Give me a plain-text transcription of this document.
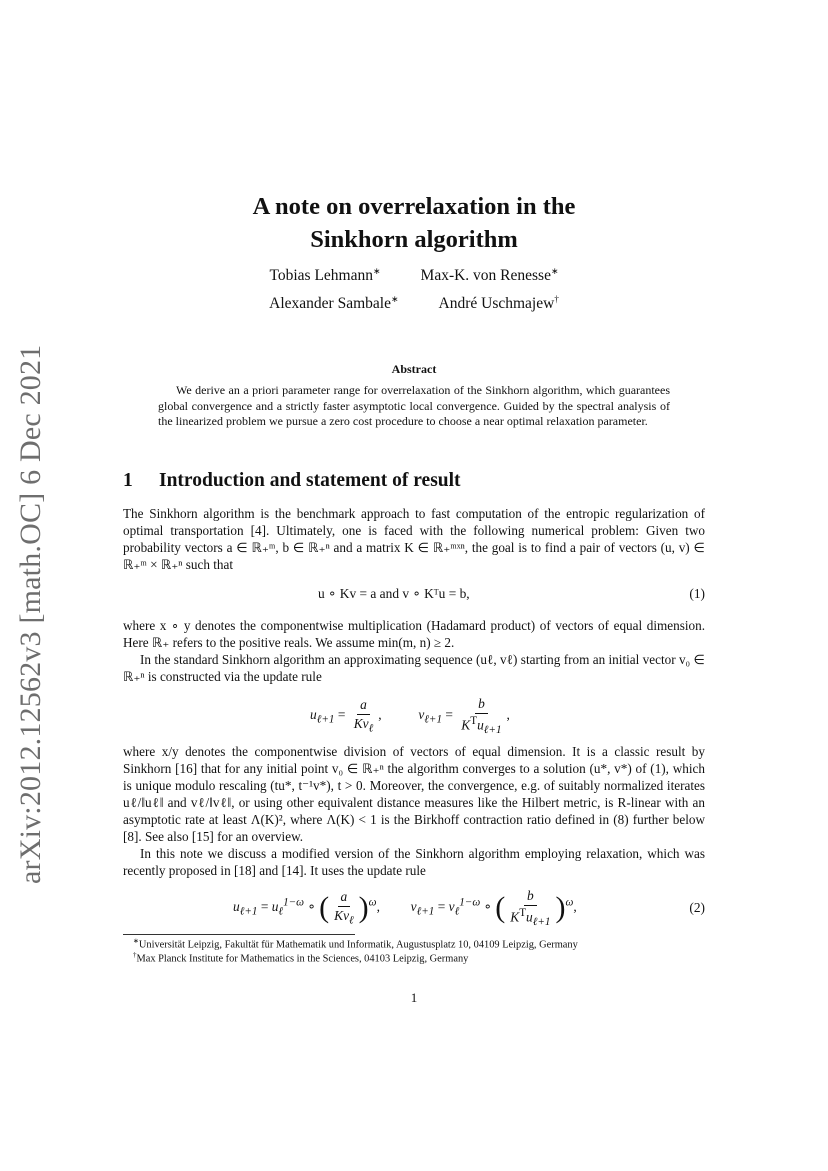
arXiv:2012.12562v3 [math.OC] 6 Dec 2021
A note on overrelaxation in the
Sinkhorn algorithm
Tobias Lehmann∗	Max-K. von Renesse∗
Alexander Sambale∗	André Uschmajew†
Abstract
We derive an a priori parameter range for overrelaxation of the Sinkhorn algorithm, which guarantees global convergence and a strictly faster asymptotic local convergence. Guided by the spectral analysis of the linearized problem we pursue a zero cost procedure to choose a near optimal relaxation parameter.
1 Introduction and statement of result
The Sinkhorn algorithm is the benchmark approach to fast computation of the entropic regularization of optimal transportation [4]. Ultimately, one is faced with the following numerical problem: Given two probability vectors a ∈ ℝ₊ᵐ, b ∈ ℝ₊ⁿ and a matrix K ∈ ℝ₊ᵐˣⁿ, the goal is to find a pair of vectors (u, v) ∈ ℝ₊ᵐ × ℝ₊ⁿ such that
u ∘ Kv = a and v ∘ Kᵀu = b,	(1)
where x ∘ y denotes the componentwise multiplication (Hadamard product) of vectors of equal dimension. Here ℝ₊ refers to the positive reals. We assume min(m, n) ≥ 2.
In the standard Sinkhorn algorithm an approximating sequence (uℓ, vℓ) starting from an initial vector v₀ ∈ ℝ₊ⁿ is constructed via the update rule
$u_{\ell+1} = \frac{a}{Kv_\ell}$ ,	$v_{\ell+1} = \frac{b}{K^Tu_{\ell+1}}$ ,
where x/y denotes the componentwise division of vectors of equal dimension. It is a classic result by Sinkhorn [16] that for any initial point v₀ ∈ ℝ₊ⁿ the algorithm converges to a solution (u*, v*) of (1), which is unique modulo rescaling (tu*, t⁻¹v*), t > 0. Moreover, the convergence, e.g. of suitably normalized iterates uℓ/‖uℓ‖ and vℓ/‖vℓ‖, or using other equivalent distance measures like the Hilbert metric, is R-linear with an asymptotic rate at least Λ(K)², where Λ(K) < 1 is the Birkhoff contraction ratio defined in (8) further below [8]. See also [15] for an overview.
In this note we discuss a modified version of the Sinkhorn algorithm employing relaxation, which was recently proposed in [18] and [14]. It uses the update rule
$u_{\ell+1} = u_\ell^{1-\omega}$ ∘ ( $\frac{a}{Kv_\ell} )^\omega$, $v_{\ell+1} = v_\ell^{1-\omega}$ ∘ ( $\frac{b}{K^Tu_{\ell+1}} )^\omega$,	(2)
∗Universität Leipzig, Fakultät für Mathematik und Informatik, Augustusplatz 10, 04109 Leipzig, Germany
†Max Planck Institute for Mathematics in the Sciences, 04103 Leipzig, Germany
1
